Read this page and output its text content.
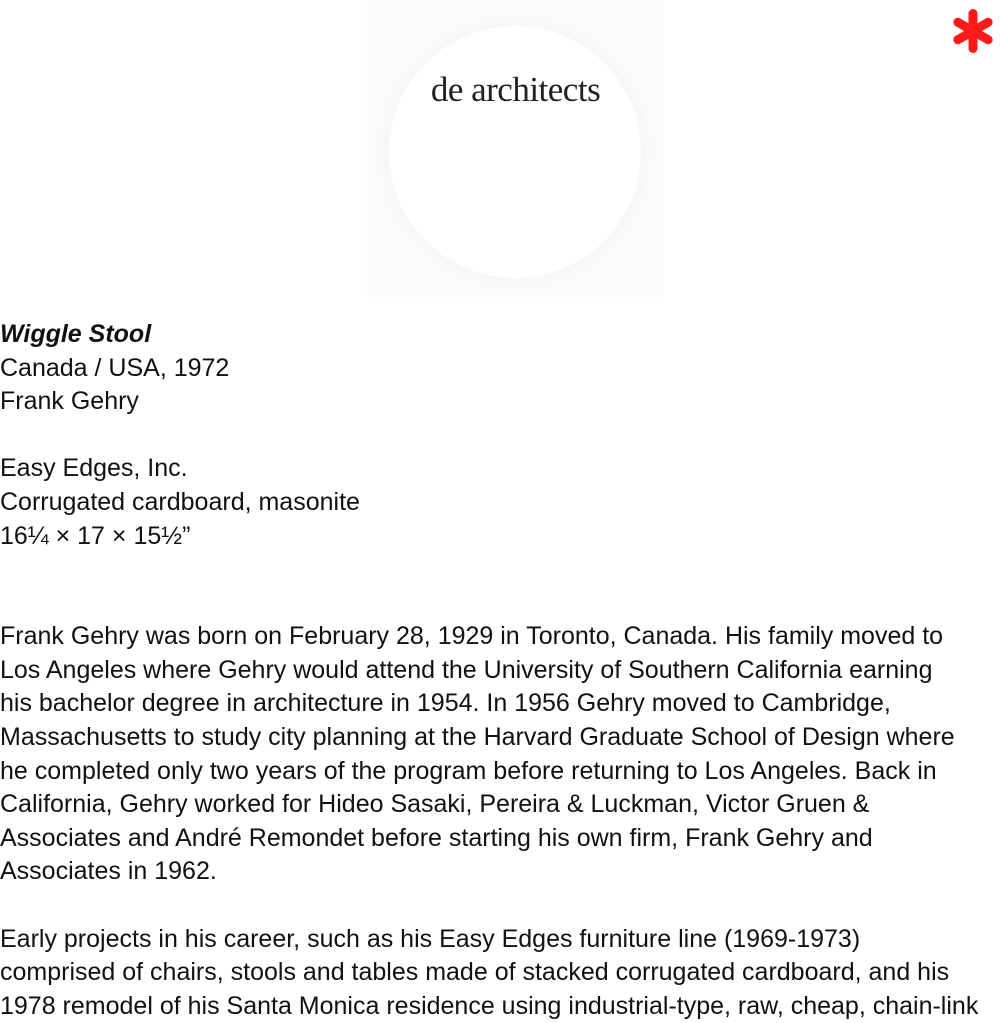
de architects
Wiggle Stool
Canada / USA, 1972
Frank Gehry
Easy Edges, Inc.
Corrugated cardboard, masonite
16¼ × 17 × 15½”
Frank Gehry was born on February 28, 1929 in Toronto, Canada. His family moved to
Los Angeles where Gehry would attend the University of Southern California earning
his bachelor degree in architecture in 1954. In 1956 Gehry moved to Cambridge,
Massachusetts to study city planning at the Harvard Graduate School of Design where
he completed only two years of the program before returning to Los Angeles. Back in
California, Gehry worked for Hideo Sasaki, Pereira & Luckman, Victor Gruen &
Associates and André Remondet before starting his own firm, Frank Gehry and
Associates in 1962.
Early projects in his career, such as his Easy Edges furniture line (1969-1973)
comprised of chairs, stools and tables made of stacked corrugated cardboard, and his
1978 remodel of his Santa Monica residence using industrial-type, raw, cheap, chain-link
